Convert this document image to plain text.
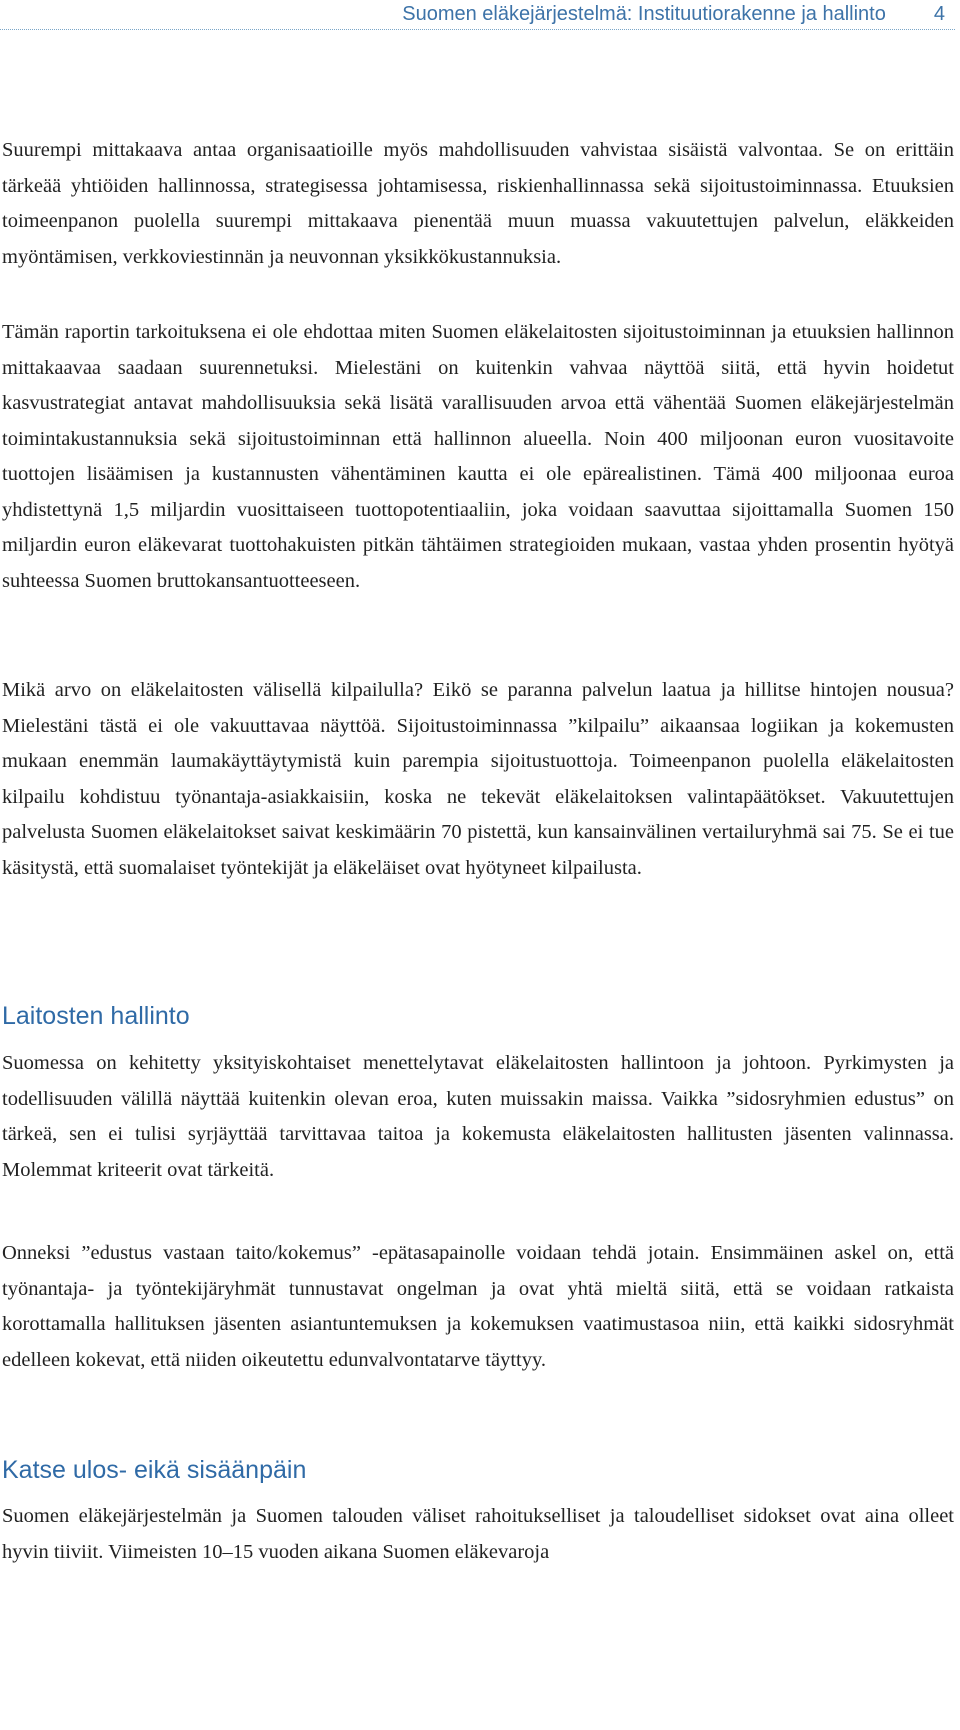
Suomen eläkejärjestelmä: Instituutiorakenne ja hallinto 4

Suurempi mittakaava antaa organisaatioille myös mahdollisuuden vahvistaa sisäistä valvontaa. Se on erittäin tärkeää yhtiöiden hallinnossa, strategisessa johtamisessa, riskienhallinnassa sekä sijoitustoiminnassa. Etuuksien toimeenpanon puolella suurempi mittakaava pienentää muun muassa vakuutettujen palvelun, eläkkeiden myöntämisen, verkkoviestinnän ja neuvonnan yksikkökustannuksia.

Tämän raportin tarkoituksena ei ole ehdottaa miten Suomen eläkelaitosten sijoitustoiminnan ja etuuksien hallinnon mittakaavaa saadaan suurennetuksi. Mielestäni on kuitenkin vahvaa näyttöä siitä, että hyvin hoidetut kasvustrategiat antavat mahdollisuuksia sekä lisätä varallisuuden arvoa että vähentää Suomen eläkejärjestelmän toimintakustannuksia sekä sijoitustoiminnan että hallinnon alueella. Noin 400 miljoonan euron vuositavoite tuottojen lisäämisen ja kustannusten vähentäminen kautta ei ole epärealistinen. Tämä 400 miljoonaa euroa yhdistettynä 1,5 miljardin vuosittaiseen tuottopotentiaaliin, joka voidaan saavuttaa sijoittamalla Suomen 150 miljardin euron eläkevarat tuottohakuisten pitkän tähtäimen strategioiden mukaan, vastaa yhden prosentin hyötyä suhteessa Suomen bruttokansantuotteeseen.

Mikä arvo on eläkelaitosten välisellä kilpailulla? Eikö se paranna palvelun laatua ja hillitse hintojen nousua? Mielestäni tästä ei ole vakuuttavaa näyttöä. Sijoitustoiminnassa ”kilpailu” aikaansaa logiikan ja kokemusten mukaan enemmän laumakäyttäytymistä kuin parempia sijoitustuottoja. Toimeenpanon puolella eläkelaitosten kilpailu kohdistuu työnantaja-asiakkaisiin, koska ne tekevät eläkelaitoksen valintapäätökset. Vakuutettujen palvelusta Suomen eläkelaitokset saivat keskimäärin 70 pistettä, kun kansainvälinen vertailuryhmä sai 75. Se ei tue käsitystä, että suomalaiset työntekijät ja eläkeläiset ovat hyötyneet kilpailusta.

Laitosten hallinto

Suomessa on kehitetty yksityiskohtaiset menettelytavat eläkelaitosten hallintoon ja johtoon. Pyrkimysten ja todellisuuden välillä näyttää kuitenkin olevan eroa, kuten muissakin maissa. Vaikka ”sidosryhmien edustus” on tärkeä, sen ei tulisi syrjäyttää tarvittavaa taitoa ja kokemusta eläkelaitosten hallitusten jäsenten valinnassa. Molemmat kriteerit ovat tärkeitä.

Onneksi ”edustus vastaan taito/kokemus” -epätasapainolle voidaan tehdä jotain. Ensimmäinen askel on, että työnantaja- ja työntekijäryhmät tunnustavat ongelman ja ovat yhtä mieltä siitä, että se voidaan ratkaista korottamalla hallituksen jäsenten asiantuntemuksen ja kokemuksen vaatimustasoa niin, että kaikki sidosryhmät edelleen kokevat, että niiden oikeutettu edunvalvontatarve täyttyy.

Katse ulos- eikä sisäänpäin

Suomen eläkejärjestelmän ja Suomen talouden väliset rahoitukselliset ja taloudelliset sidokset ovat aina olleet hyvin tiiviit. Viimeisten 10–15 vuoden aikana Suomen eläkevaroja
